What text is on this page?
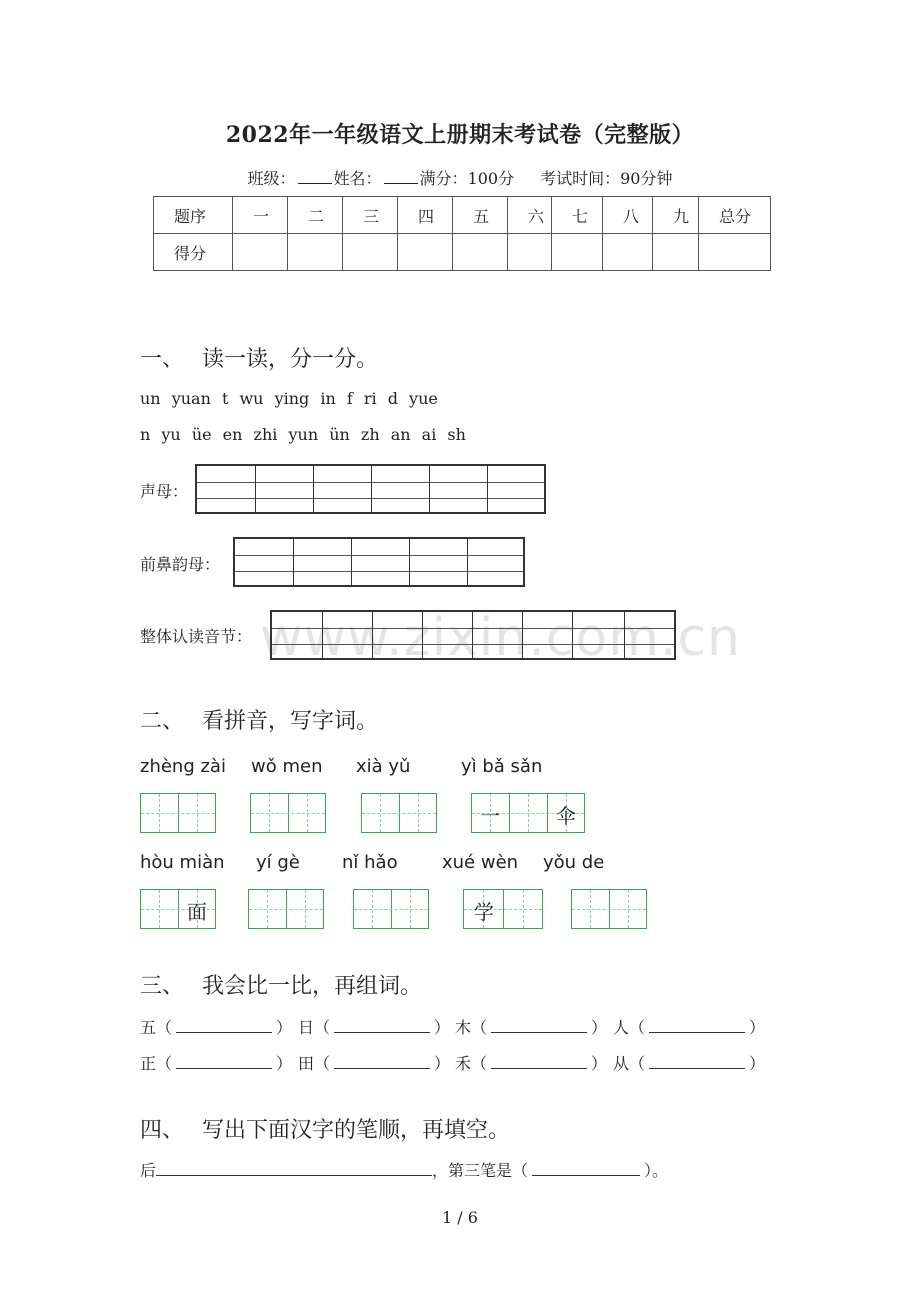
2022年一年级语文上册期末考试卷（完整版）
班级： 姓名： 满分：100分 考试时间：90分钟
题序	一	二	三	四	五	六	七	八	九	总分
得分										
一、 读一读，分一分。
un yuan t wu ying in f ri d yue
n yu üe en zhi yun ün zh an ai sh
声母：
前鼻韵母：
整体认读音节： www.zixin.com.cn
二、 看拼音，写字词。
zhèng zài wǒ men xià yǔ	yì bǎ sǎn
一	伞
hòu miàn yí gè nǐ hǎo xué wèn yǒu de
面	学
三、 我会比一比，再组词。
五（	） 日（	） 木（	） 人（	）
正（	） 田（	） 禾（	） 从（	）
四、 写出下面汉字的笔顺，再填空。
后	，第三笔是（	）。
1 / 6
